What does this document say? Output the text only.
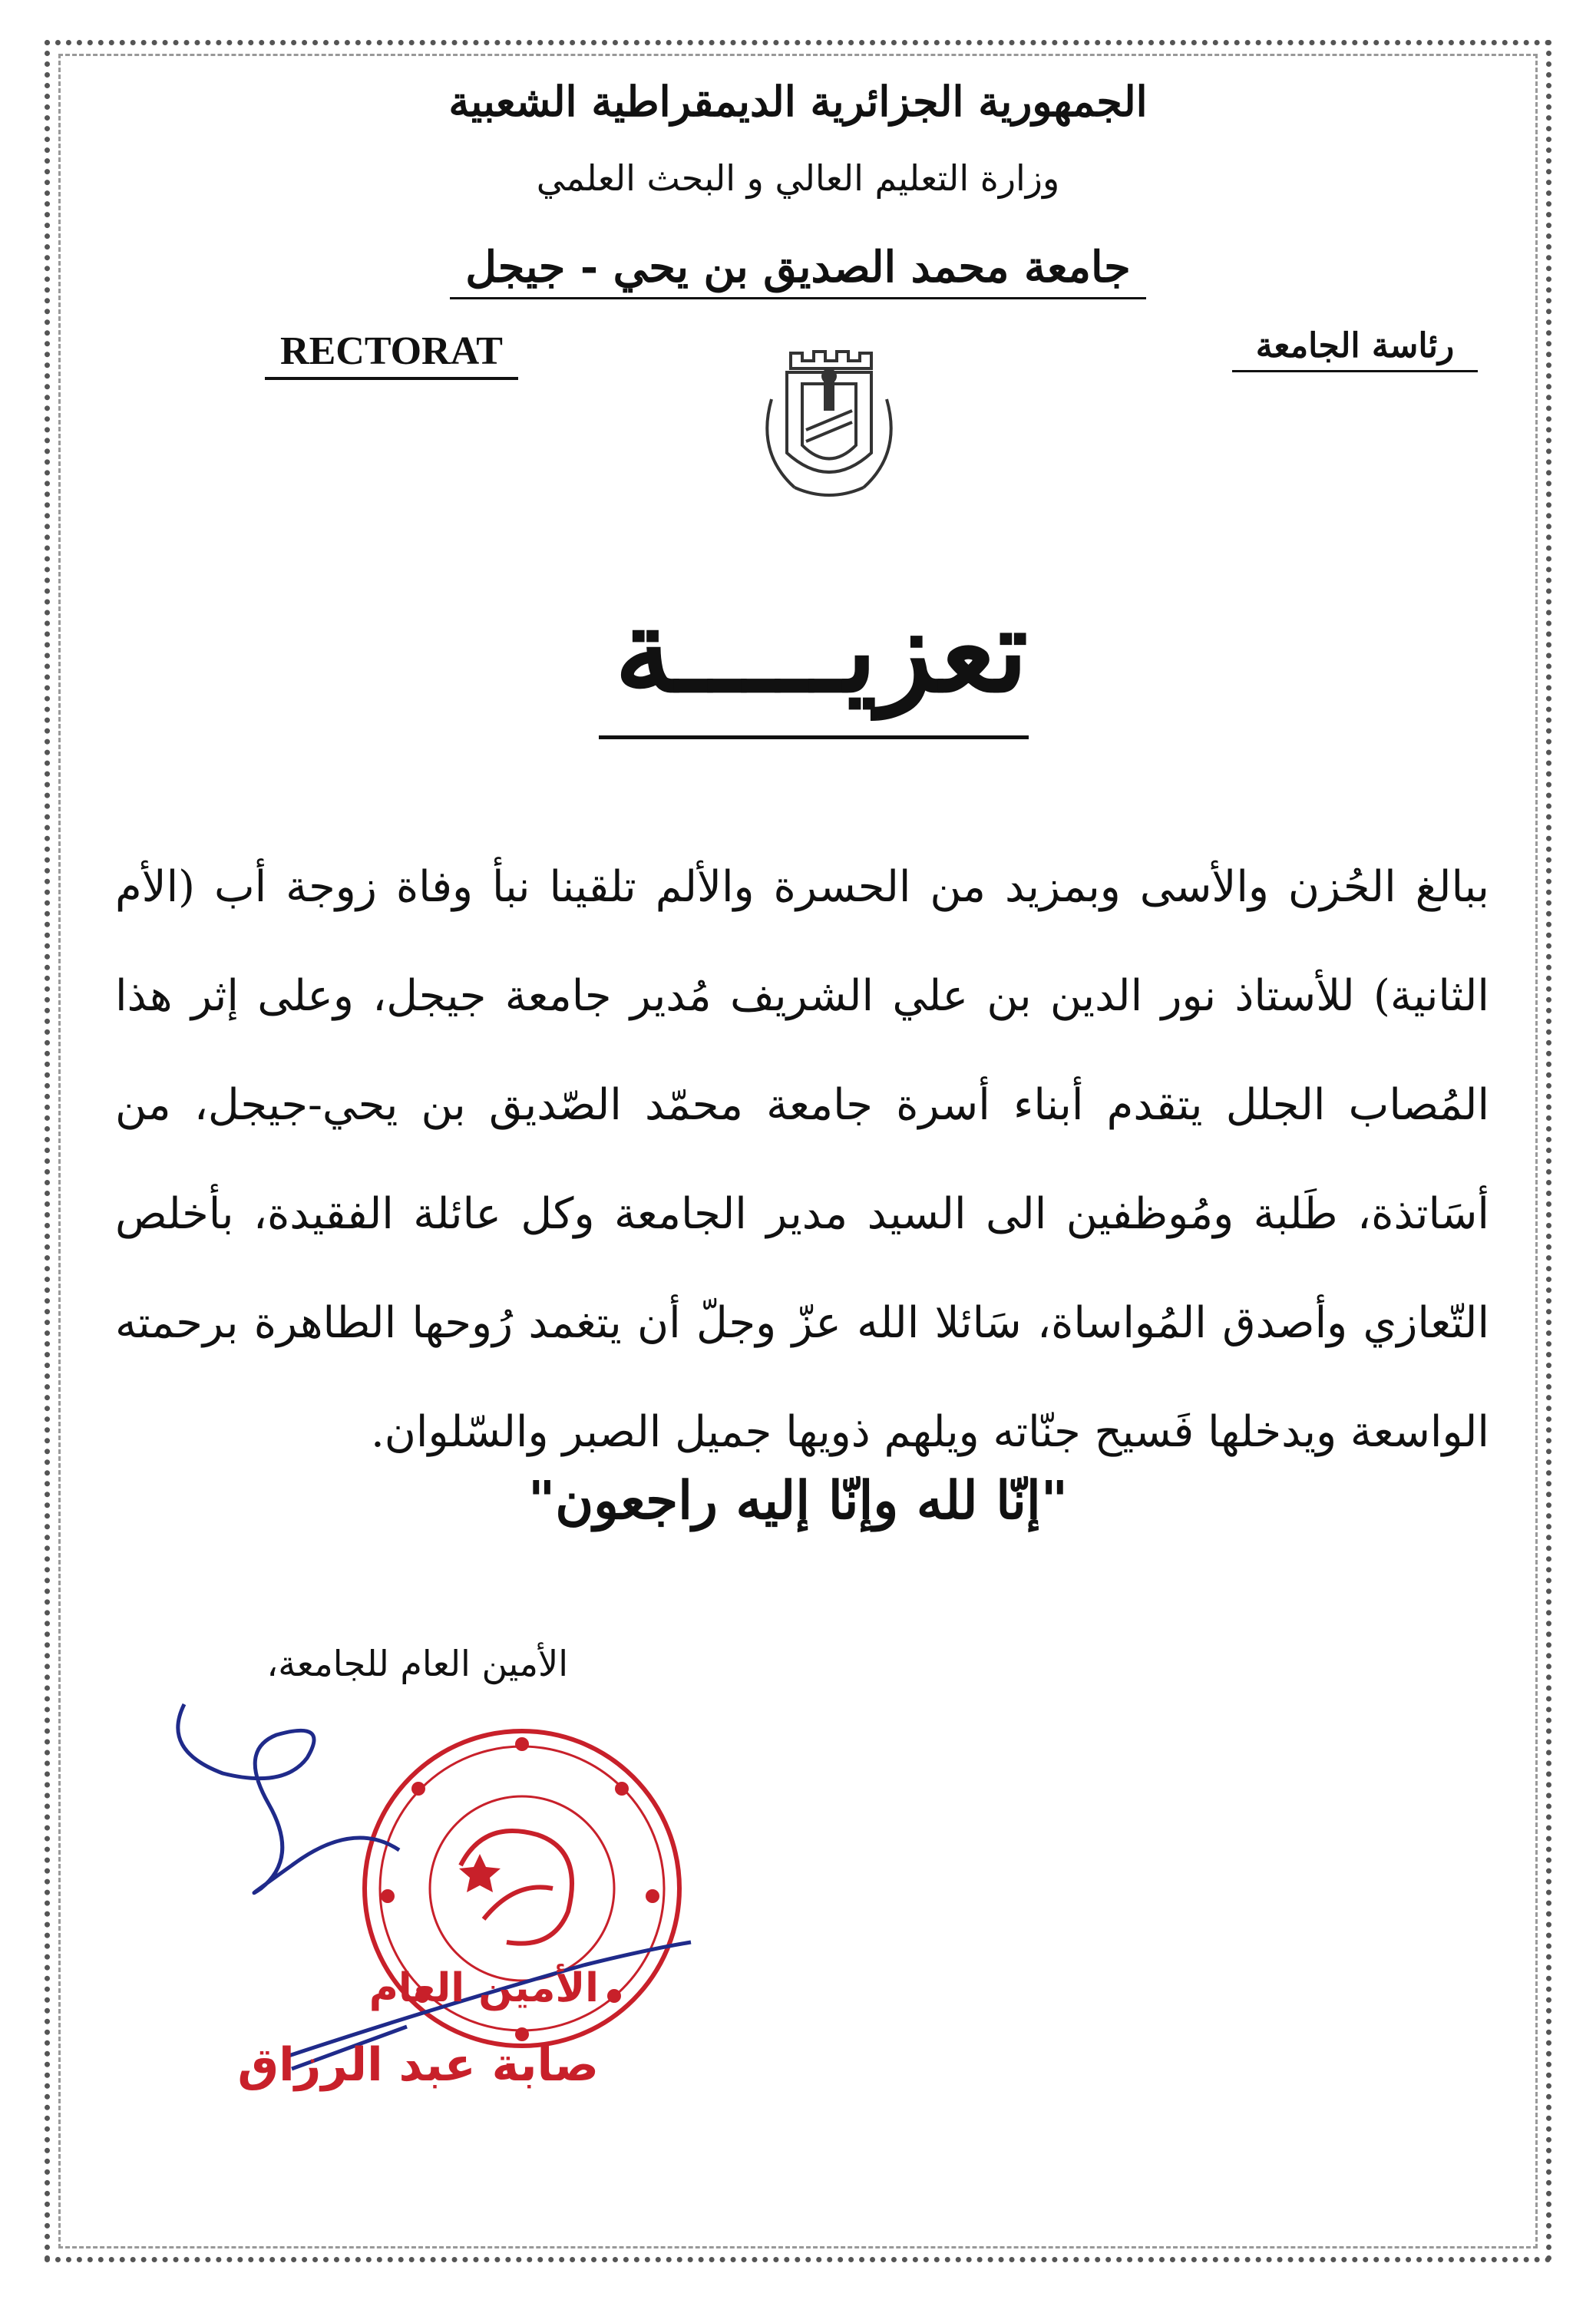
الجمهورية الجزائرية الديمقراطية الشعبية
وزارة التعليم العالي و البحث العلمي
جامعة محمد الصديق بن يحي - جيجل
RECTORAT	رئاسة الجامعة
تعزيـــــة
ببالغ الحُزن والأسى وبمزيد من الحسرة والألم تلقينا نبأ وفاة زوجة أب (الأم الثانية) للأستاذ نور الدين بن علي الشريف مُدير جامعة جيجل، وعلى إثر هذا المُصاب الجلل يتقدم أبناء أسرة جامعة محمّد الصّديق بن يحي-جيجل، من أسَاتذة، طَلبة ومُوظفين الى السيد مدير الجامعة وكل عائلة الفقيدة، بأخلص التّعازي وأصدق المُواساة، سَائلا الله عزّ وجلّ أن يتغمد رُوحها الطاهرة برحمته الواسعة ويدخلها فَسيح جنّاته ويلهم ذويها جميل الصبر والسّلوان.
"إنّا لله وإنّا إليه راجعون"
الأمين العام للجامعة،
الأمين العام
صابة عبد الرزاق
